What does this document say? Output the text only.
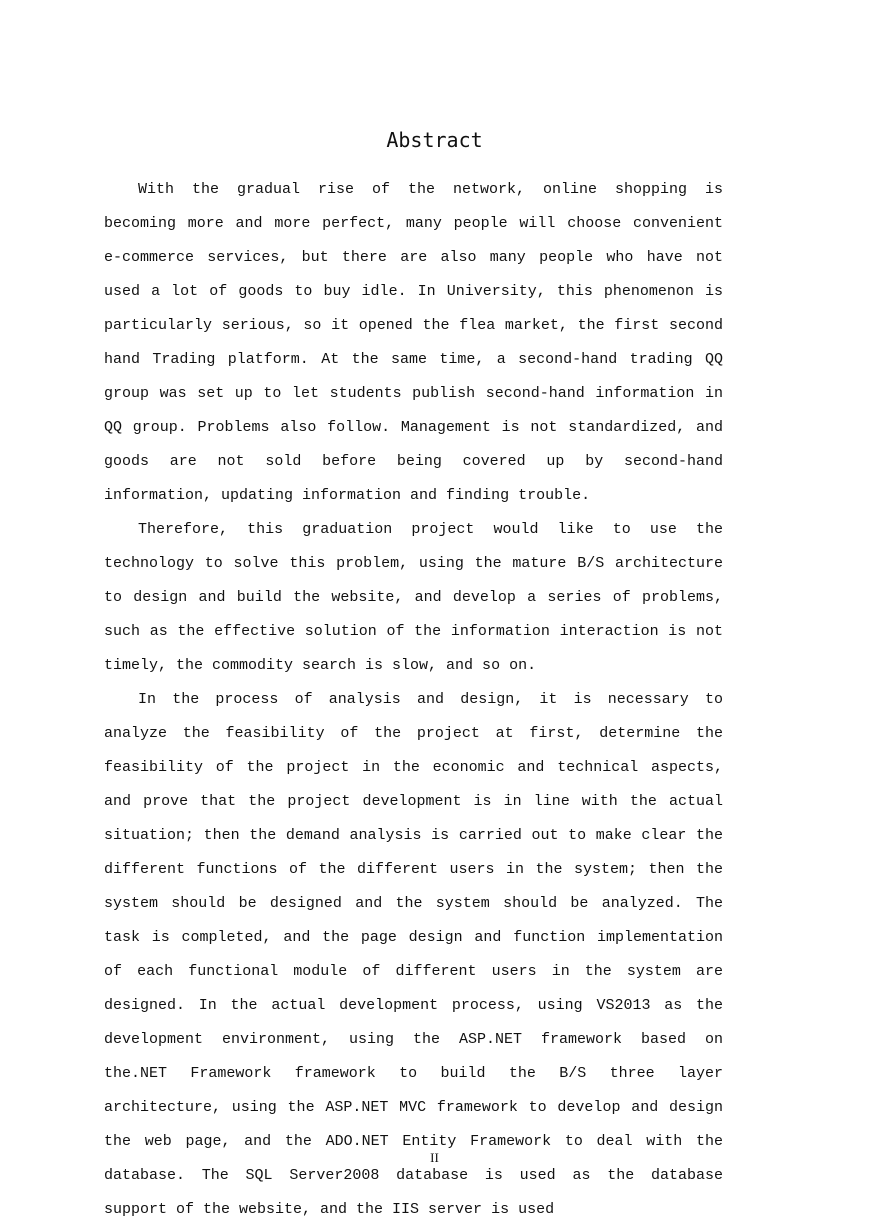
Abstract

With the gradual rise of the network, online shopping is becoming more and more perfect, many people will choose convenient e-commerce services, but there are also many people who have not used a lot of goods to buy idle. In University, this phenomenon is particularly serious, so it opened the flea market, the first second hand Trading platform. At the same time, a second-hand trading QQ group was set up to let students publish second-hand information in QQ group. Problems also follow. Management is not standardized, and goods are not sold before being covered up by second-hand information, updating information and finding trouble.

Therefore, this graduation project would like to use the technology to solve this problem, using the mature B/S architecture to design and build the website, and develop a series of problems, such as the effective solution of the information interaction is not timely, the commodity search is slow, and so on.

In the process of analysis and design, it is necessary to analyze the feasibility of the project at first, determine the feasibility of the project in the economic and technical aspects, and prove that the project development is in line with the actual situation; then the demand analysis is carried out to make clear the different functions of the different users in the system; then the system should be designed and the system should be analyzed. The task is completed, and the page design and function implementation of each functional module of different users in the system are designed. In the actual development process, using VS2013 as the development environment, using the ASP.NET framework based on the.NET Framework framework to build the B/S three layer architecture, using the ASP.NET MVC framework to develop and design the web page, and the ADO.NET Entity Framework to deal with the database. The SQL Server2008 database is used as the database support of the website, and the IIS server is used

II
